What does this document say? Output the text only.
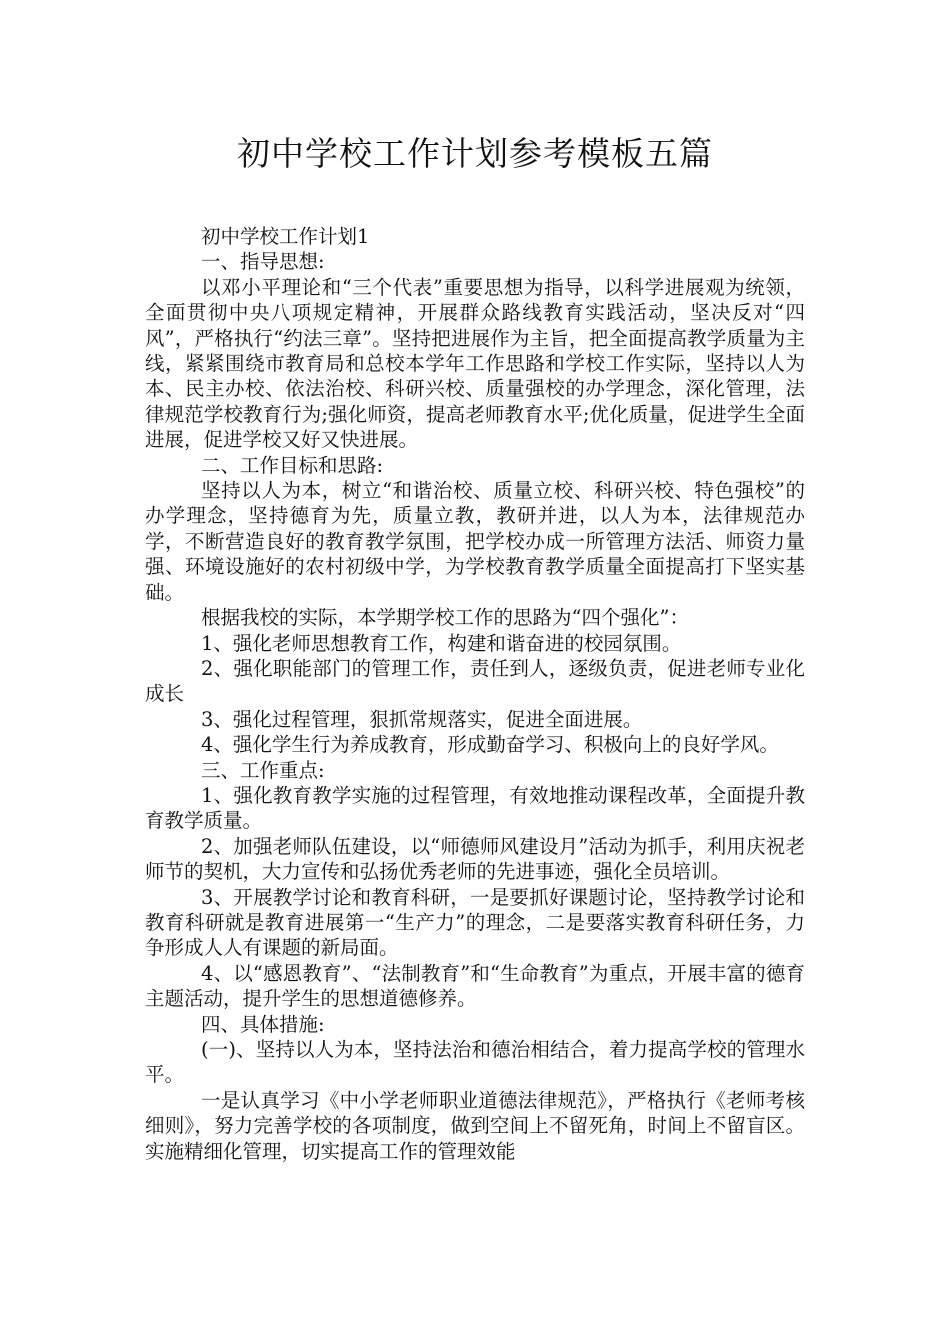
初中学校工作计划参考模板五篇

初中学校工作计划1

一、指导思想:

以邓小平理论和“三个代表”重要思想为指导，以科学进展观为统领，全面贯彻中央八项规定精神，开展群众路线教育实践活动，坚决反对“四风”，严格执行“约法三章”。坚持把进展作为主旨，把全面提高教学质量为主线，紧紧围绕市教育局和总校本学年工作思路和学校工作实际，坚持以人为本、民主办校、依法治校、科研兴校、质量强校的办学理念，深化管理，法律规范学校教育行为;强化师资，提高老师教育水平;优化质量，促进学生全面进展，促进学校又好又快进展。

二、工作目标和思路:

坚持以人为本，树立“和谐治校、质量立校、科研兴校、特色强校”的办学理念，坚持德育为先，质量立教，教研并进，以人为本，法律规范办学，不断营造良好的教育教学氛围，把学校办成一所管理方法活、师资力量强、环境设施好的农村初级中学，为学校教育教学质量全面提高打下坚实基础。

根据我校的实际，本学期学校工作的思路为“四个强化”：

1、强化老师思想教育工作，构建和谐奋进的校园氛围。

2、强化职能部门的管理工作，责任到人，逐级负责，促进老师专业化成长

3、强化过程管理，狠抓常规落实，促进全面进展。

4、强化学生行为养成教育，形成勤奋学习、积极向上的良好学风。

三、工作重点:

1、强化教育教学实施的过程管理，有效地推动课程改革，全面提升教育教学质量。

2、加强老师队伍建设，以“师德师风建设月”活动为抓手，利用庆祝老师节的契机，大力宣传和弘扬优秀老师的先进事迹，强化全员培训。

3、开展教学讨论和教育科研，一是要抓好课题讨论，坚持教学讨论和教育科研就是教育进展第一“生产力”的理念，二是要落实教育科研任务，力争形成人人有课题的新局面。

4、以“感恩教育”、“法制教育”和“生命教育”为重点，开展丰富的德育主题活动，提升学生的思想道德修养。

四、具体措施:

(一)、坚持以人为本，坚持法治和德治相结合，着力提高学校的管理水平。

一是认真学习《中小学老师职业道德法律规范》，严格执行《老师考核细则》，努力完善学校的各项制度，做到空间上不留死角，时间上不留盲区。实施精细化管理，切实提高工作的管理效能
